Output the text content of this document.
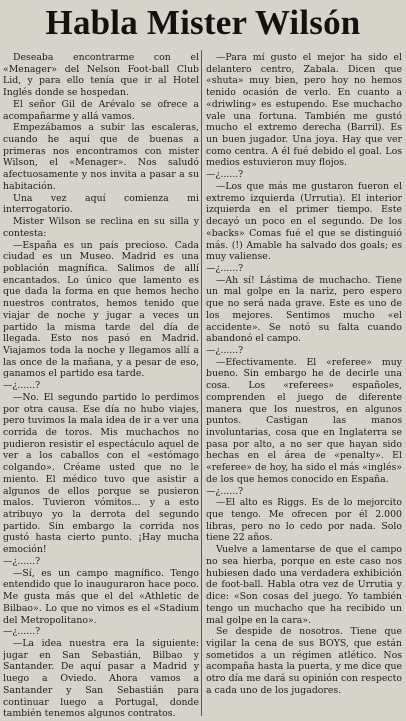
Habla Mister Wilsón

Deseaba encontrarme con el «Menager» del Nelson Foot-ball Club Lid, y para ello tenía que ir al Hotel Inglés donde se hospedan.

El señor Gil de Arévalo se ofrece a acompañarme y allá vamos.

Empezábamos a subir las escaleras, cuando he aquí que de buenas a primeras nos encontramos con mister Wilson, el «Menager». Nos saludó afectuosamente y nos invita a pasar a su habitación.

Una vez aquí comienza mi interrogatorio.

Mister Wilson se reclina en su silla y contesta:

—España es un país precioso. Cada ciudad es un Museo. Madrid es una población magnífica. Salimos de allí encantados. Lo único que lamento es que dada la forma en que hemos hecho nuestros contratos, hemos tenido que viajar de noche y jugar a veces un partido la misma tarde del día de llegada. Esto nos pasó en Madrid. Viajamos toda la noche y llegamos allí a las once de la mañana, y a pesar de eso, ganamos el partido esa tarde.

—¿......?

—No. El segundo partido lo perdimos por otra causa. Ese día no hubo viajes, pero tuvimos la mala idea de ir a ver una corrida de toros. Mis muchachos no pudieron resistir el espectáculo aquel de ver a los caballos con el «estómago colgando». Créame usted que no le miento. El médico tuvo que asistir a algunos de ellos porque se pusieron malos. Tuvieron vómitos... y a esto atribuyo yo la derrota del segundo partido. Sin embargo la corrida nos gustó hasta cierto punto. ¡Hay mucha emoción!

—¿......?

—Sí, es un campo magnífico. Tengo entendido que lo inauguraron hace poco. Me gusta más que el del «Athletic de Bilbao». Lo que no vimos es el «Stadium del Metropolitano».

—¿......?

—La idea nuestra era la siguiente: jugar en San Sebastián, Bilbao y Santander. De aquí pasar a Madrid y luego a Oviedo. Ahora vamos a Santander y San Sebastián para continuar luego a Portugal, donde también tenemos algunos contratos.

—Para mí gusto el mejor ha sido el delantero centro, Zabala. Dicen que «shuta» muy bien, pero hoy no hemos tenido ocasión de verlo. En cuanto a «driwling» es estupendo. Ese muchacho vale una fortuna. También me gustó mucho el extremo derecha (Barril). Es un buen jugador. Una joya. Hay que ver como centra. A él fué debido el goal. Los medios estuvieron muy flojos.

—¿......?

—Los que más me gustaron fueron el extremo izquierda (Urrutia). El interior izquierda en el primer tiempo. Este decayó un poco en el segundo. De los «backs» Comas fué el que se distinguió más. (!) Amable ha salvado dos goals; es muy valiense.

—¿......?

—Ah sí! Lástima de muchacho. Tiene un mal golpe en la nariz, pero espero que no será nada grave. Este es uno de los mejores. Sentimos mucho «el accidente». Se notó su falta cuando abandonó el campo.

—¿......?

—Efectivamente. El «referee» muy bueno. Sin embargo he de decirle una cosa. Los «referees» españoles, comprenden el juego de diferente manera que los nuestros, en algunos puntos. Castigan las manos involuntarias, cosa que en Inglaterra se pasa por alto, a no ser que hayan sido hechas en el área de «penalty». El «referee» de hoy, ha sido el más «inglés» de los que hemos conocido en España.

—¿......?

—El alto es Riggs. Es de lo mejorcito que tengo. Me ofrecen por él 2.000 libras, pero no lo cedo por nada. Solo tiene 22 años.

Vuelve a lamentarse de que el campo no sea hierba, porque en este caso nos hubiesen dado una verdadera exhibición de foot-ball. Habla otra vez de Urrutia y dice: «Son cosas del juego. Yo también tengo un muchacho que ha recibido un mal golpe en la cara».

Se despide de nosotros. Tiene que vigilar la cena de sus BOYS, que están sometidos a un régimen atlético. Nos acompaña hasta la puerta, y me dice que otro día me dará su opinión con respecto a cada uno de los jugadores.
